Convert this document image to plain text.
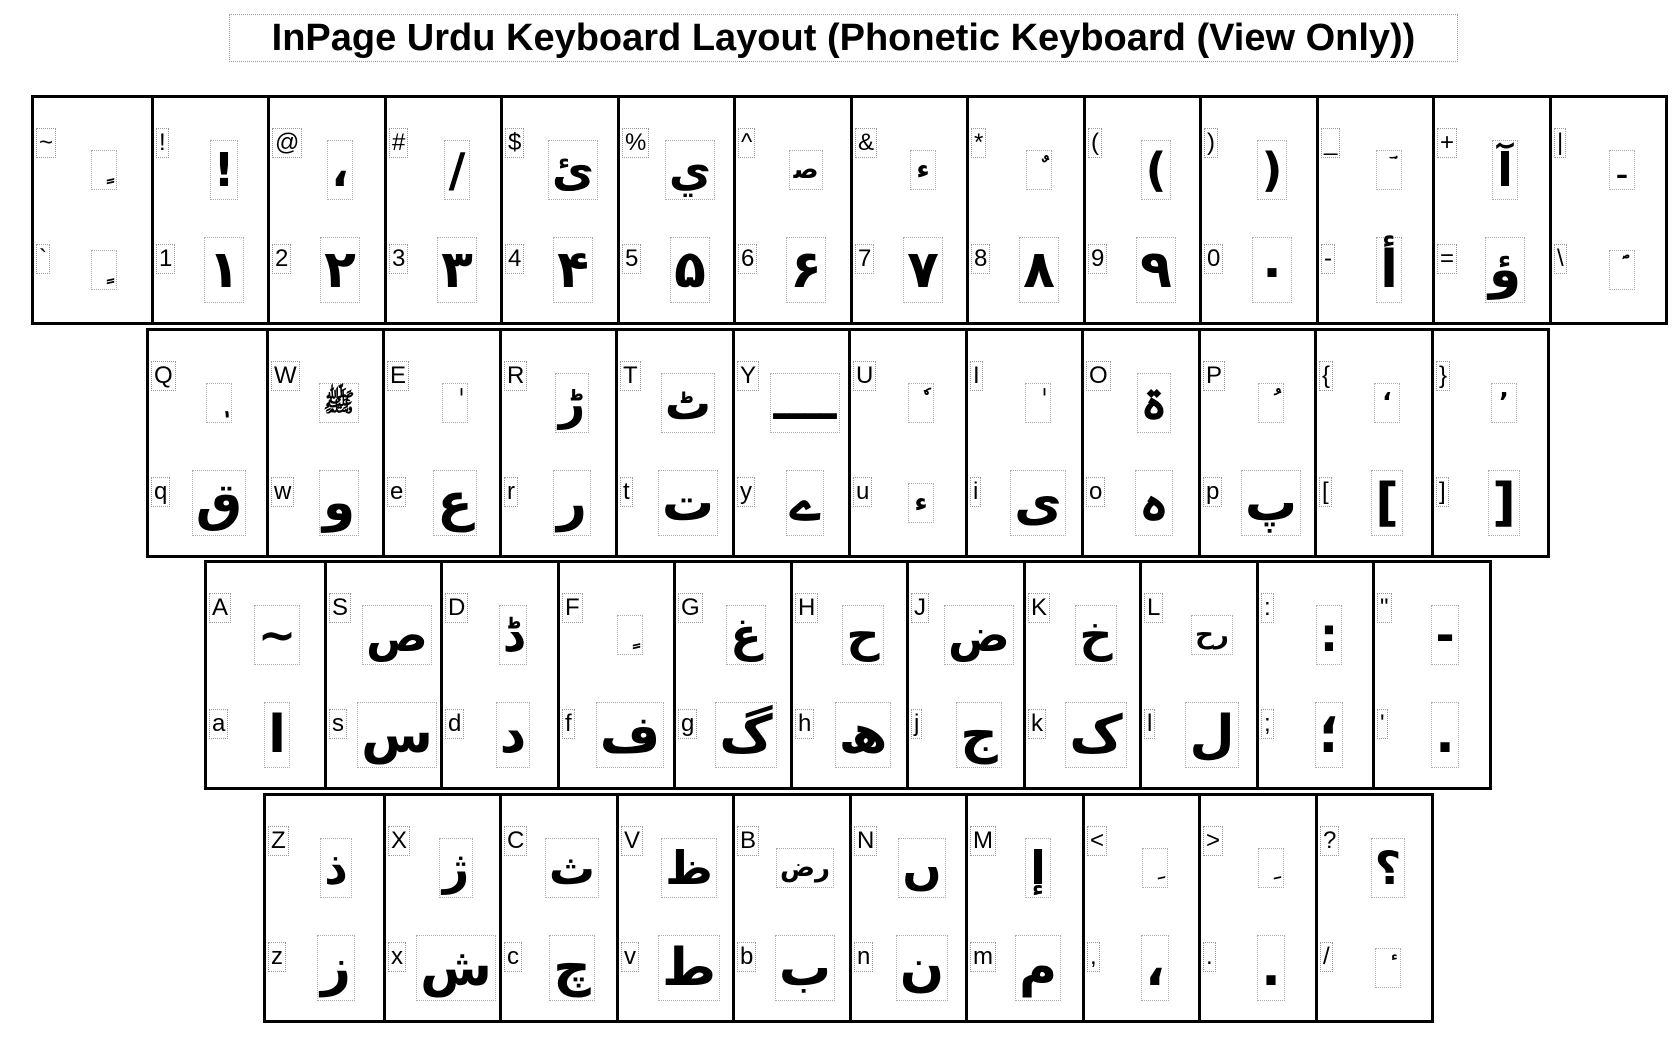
InPage Urdu Keyboard Layout (Phonetic Keyboard (View Only))
~
`
!
1
!
۱
@
2
،
۲
#
3
/
۳
$
4
ئ
۴
%
5
ي
۵
^
6
ﺻ
۶
&
7
ء
۷
*
8 ۸
(
9
(
۹
)
0
)
۰
_
- أ
+
=
آ
ؤ
|
\
ـ
Q
q ق
W
w
ﷺ
و
E
e ع
R
r
ڑ
ر
T
t
ٹ
ت
Y
y
ــــ
ے
U
u ء
I
i ی
O
o
ۃ
ہ
P
p پ
{
[
‘
[
}
]
’
]
A
a
~
ا
S
s
ص
س
D
d
ڈ
د
F
f ف
G
g
غ
گ
H
h
ح
ھ
J
j
ض
ج
K
k
خ
ک
L
l
رح
ل
:
;
:
؛
"
'
-
.
Z
z
ذ
ز
X
x
ژ
ش
C
c
ث
چ
V
v
ظ
ط
B
b
رض
ب
N
n
ں
ن
M
m
إ
م
<
, ،
>
. .
?
/
؟
